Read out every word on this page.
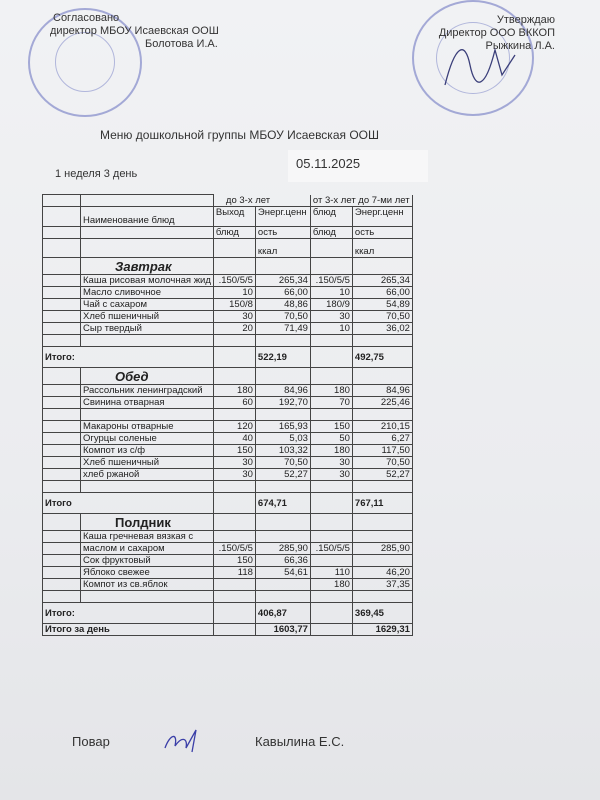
Согласовано
директор МБОУ Исаевская ООШ
Болотова И.А.
Утверждаю
Директор ООО ВККОП
Рыжкина Л.А.
Меню дошкольной группы МБОУ Исаевская ООШ
05.11.2025
1 неделя 3 день
		до 3-х лет		от 3-х лет до 7-ми лет	
	Наименование блюд	Выход	Энерг.ценн	блюд	Энерг.ценн
		блюд	ость	блюд	ость
			ккал		ккал
	Завтрак				
	Каша рисовая молочная жид	.150/5/5	265,34	.150/5/5	265,34
	Масло сливочное	10	66,00	10	66,00
	Чай с сахаром	150/8	48,86	180/9	54,89
	Хлеб пшеничный	30	70,50	30	70,50
	Сыр твердый	20	71,49	10	36,02

Итого:			522,19		492,75
	Обед				
	Рассольник ленинградский	180	84,96	180	84,96
	Свинина отварная	60	192,70	70	225,46

	Макароны отварные	120	165,93	150	210,15
	Огурцы соленые	40	5,03	50	6,27
	Компот из с/ф	150	103,32	180	117,50
	Хлеб пшеничный	30	70,50	30	70,50
	хлеб ржаной	30	52,27	30	52,27

Итого			674,71		767,11
	Полдник				
	Каша гречневая вязкая с				
	маслом и сахаром	.150/5/5	285,90	.150/5/5	285,90
	Сок фруктовый	150	66,36		
	Яблоко свежее	118	54,61	110	46,20
	Компот из св.яблок			180	37,35

Итого:			406,87		369,45
Итого за день			1603,77		1629,31
Повар	Кавылина Е.С.
